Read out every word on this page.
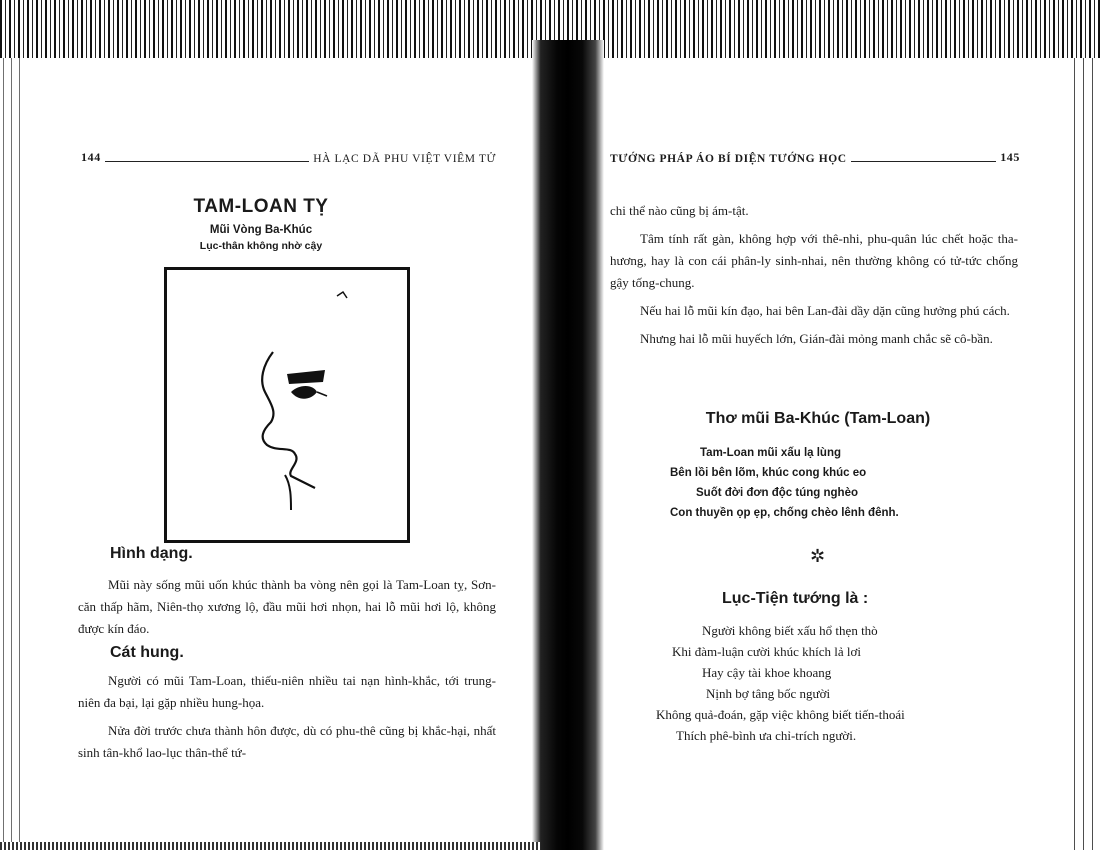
144	HÀ LẠC DÃ PHU VIỆT VIÊM TỬ
TAM-LOAN TỴ
Mũi Vòng Ba-Khúc
Lục-thân không nhờ cậy
Hình dạng.

Mũi này sống mũi uốn khúc thành ba vòng nên gọi là Tam-Loan tỵ, Sơn-căn thấp hãm, Niên-thọ xương lộ, đầu mũi hơi nhọn, hai lỗ mũi hơi lộ, không được kín đáo.

Cát hung.

Người có mũi Tam-Loan, thiếu-niên nhiều tai nạn hình-khắc, tới trung-niên đa bại, lại gặp nhiều hung-họa.

Nửa đời trước chưa thành hôn được, dù có phu-thê cũng bị khắc-hại, nhất sinh tân-khổ lao-lục thân-thể tứ-

TƯỚNG PHÁP ÁO BÍ DIỆN TƯỚNG HỌC	145

chi thể nào cũng bị ám-tật.

Tâm tính rất gàn, không hợp với thê-nhi, phu-quân lúc chết hoặc tha-hương, hay là con cái phân-ly sinh-nhai, nên thường không có tử-tức chống gậy tống-chung.

Nếu hai lỗ mũi kín đạo, hai bên Lan-đài dầy dặn cũng hưởng phú cách.

Nhưng hai lỗ mũi huyếch lớn, Gián-đài mỏng manh chắc sẽ cô-bần.

Thơ mũi Ba-Khúc (Tam-Loan)
Tam-Loan mũi xấu lạ lùng
Bên lồi bên lõm, khúc cong khúc eo
Suốt đời đơn độc túng nghèo
Con thuyền ọp ẹp, chống chèo lênh đênh.
✲
Lục-Tiện tướng là :
Người không biết xấu hổ thẹn thò
Khi đàm-luận cười khúc khích lả lơi
Hay cậy tài khoe khoang
Nịnh bợ tâng bốc người
Không quả-đoán, gặp việc không biết tiến-thoái
Thích phê-bình ưa chỉ-trích người.
